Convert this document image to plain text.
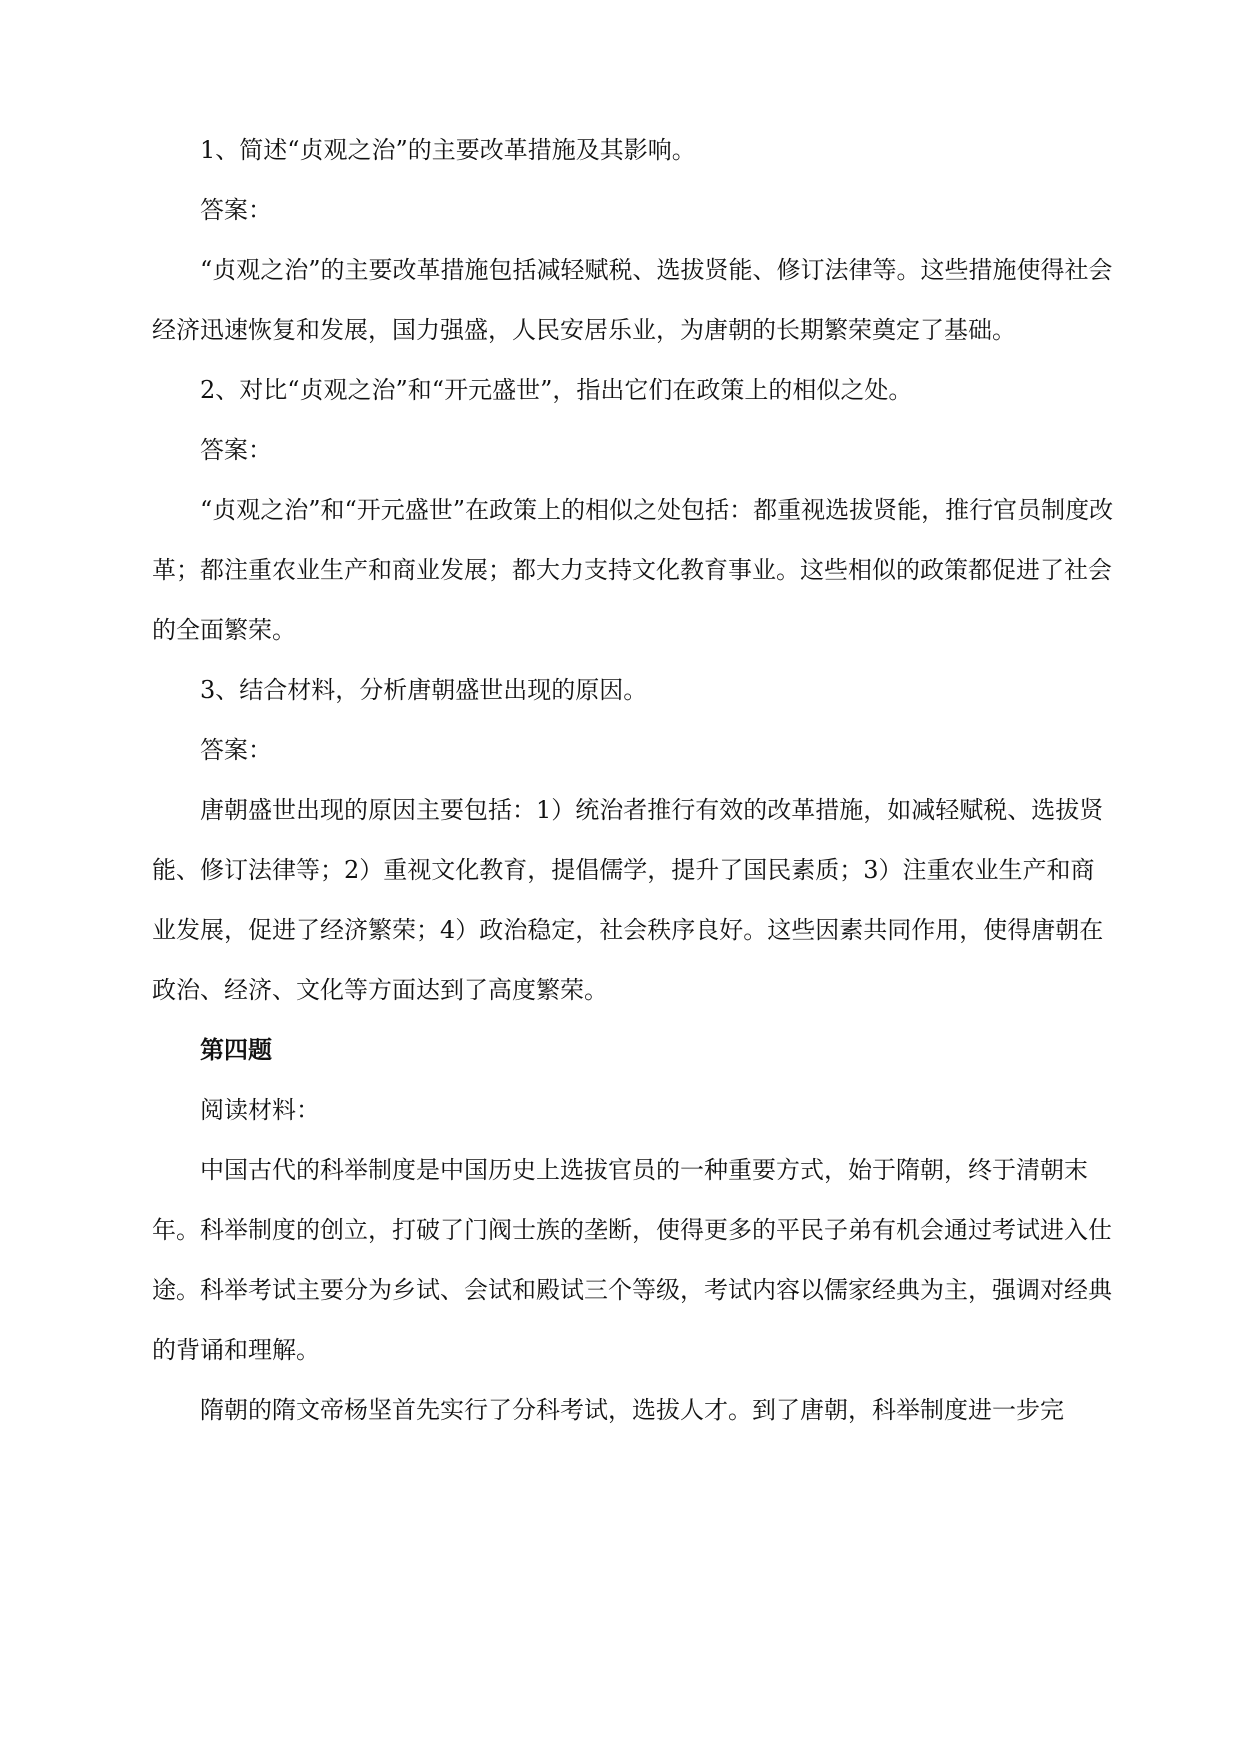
1、简述“贞观之治”的主要改革措施及其影响。
答案：
“贞观之治”的主要改革措施包括减轻赋税、选拔贤能、修订法律等。这些措施使得社会经济迅速恢复和发展，国力强盛，人民安居乐业，为唐朝的长期繁荣奠定了基础。
2、对比“贞观之治”和“开元盛世”，指出它们在政策上的相似之处。
答案：
“贞观之治”和“开元盛世”在政策上的相似之处包括：都重视选拔贤能，推行官员制度改革；都注重农业生产和商业发展；都大力支持文化教育事业。这些相似的政策都促进了社会的全面繁荣。
3、结合材料，分析唐朝盛世出现的原因。
答案：
唐朝盛世出现的原因主要包括：1）统治者推行有效的改革措施，如减轻赋税、选拔贤能、修订法律等；2）重视文化教育，提倡儒学，提升了国民素质；3）注重农业生产和商业发展，促进了经济繁荣；4）政治稳定，社会秩序良好。这些因素共同作用，使得唐朝在政治、经济、文化等方面达到了高度繁荣。
第四题
阅读材料：
中国古代的科举制度是中国历史上选拔官员的一种重要方式，始于隋朝，终于清朝末年。科举制度的创立，打破了门阀士族的垄断，使得更多的平民子弟有机会通过考试进入仕途。科举考试主要分为乡试、会试和殿试三个等级，考试内容以儒家经典为主，强调对经典的背诵和理解。
隋朝的隋文帝杨坚首先实行了分科考试，选拔人才。到了唐朝，科举制度进一步完
